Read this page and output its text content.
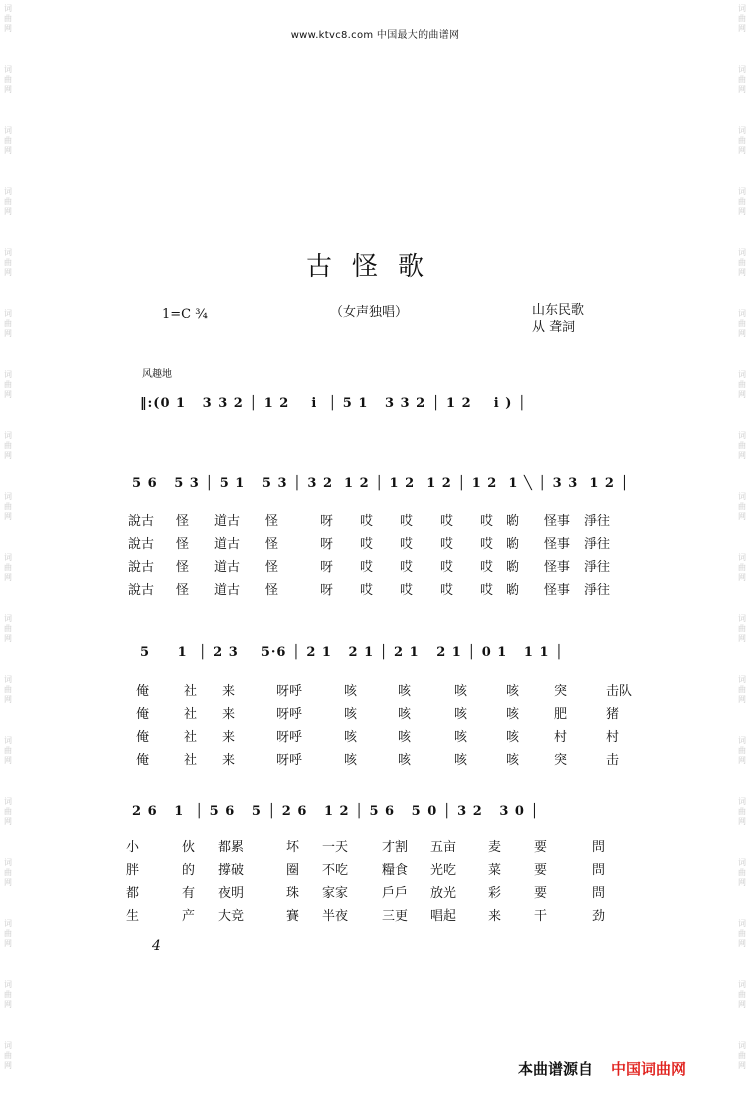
词曲网
词曲网
词曲网
词曲网
词曲网
词曲网
词曲网
词曲网
词曲网
词曲网
词曲网
词曲网
词曲网
词曲网
词曲网
词曲网
词曲网
词曲网
词曲网
词曲网
词曲网
词曲网
词曲网
词曲网
词曲网
词曲网
词曲网
词曲网
词曲网
词曲网
词曲网
词曲网
词曲网
词曲网
词曲网
词曲网
www.ktvc8.com 中国最大的曲谱网
古怪歌
（女声独唱）
1=C ¾	山东民歌
从 聋詞
风趣地
‖:(0 1   3 3 2 │ 1 2    i  │ 5 1   3 3 2 │ 1 2    i ) │
5 6   5 3 │ 5 1   5 3 │ 3 2  1 2 │ 1 2  1 2 │ 1 2  1 ╲ │ 3 3  1 2 │
說古 怪 道古 怪	呀 哎 哎 哎 哎 喲 怪事 淨往
說古 怪 道古 怪	呀 哎 哎 哎 哎 喲 怪事 淨往
說古 怪 道古 怪	呀 哎 哎 哎 哎 喲 怪事 淨往
說古 怪 道古 怪	呀 哎 哎 哎 哎 喲 怪事 淨往
5     1  │ 2 3    5·6 │ 2 1   2 1 │ 2 1   2 1 │ 0 1   1 1 │
俺	社 来	呀呼	咳	咳	咳	咳	突	击队
俺	社 来	呀呼	咳	咳	咳	咳	肥	猪
俺	社 来	呀呼	咳	咳	咳	咳	村	村
俺	社 来	呀呼	咳	咳	咳	咳	突	击
2 6   1  │ 5 6   5 │ 2 6   1 2 │ 5 6   5 0 │ 3 2   3 0 │
小	伙 都累	坏 一天	才割 五亩 麦	要	問
胖	的 撐破	圈 不吃	糧食 光吃 菜	要	問
都	有 夜明	珠 家家	戶戶 放光 彩	要	問
生	产 大竞	賽 半夜	三更 唱起 来	干	劲
4
本曲谱源自 中国词曲网
